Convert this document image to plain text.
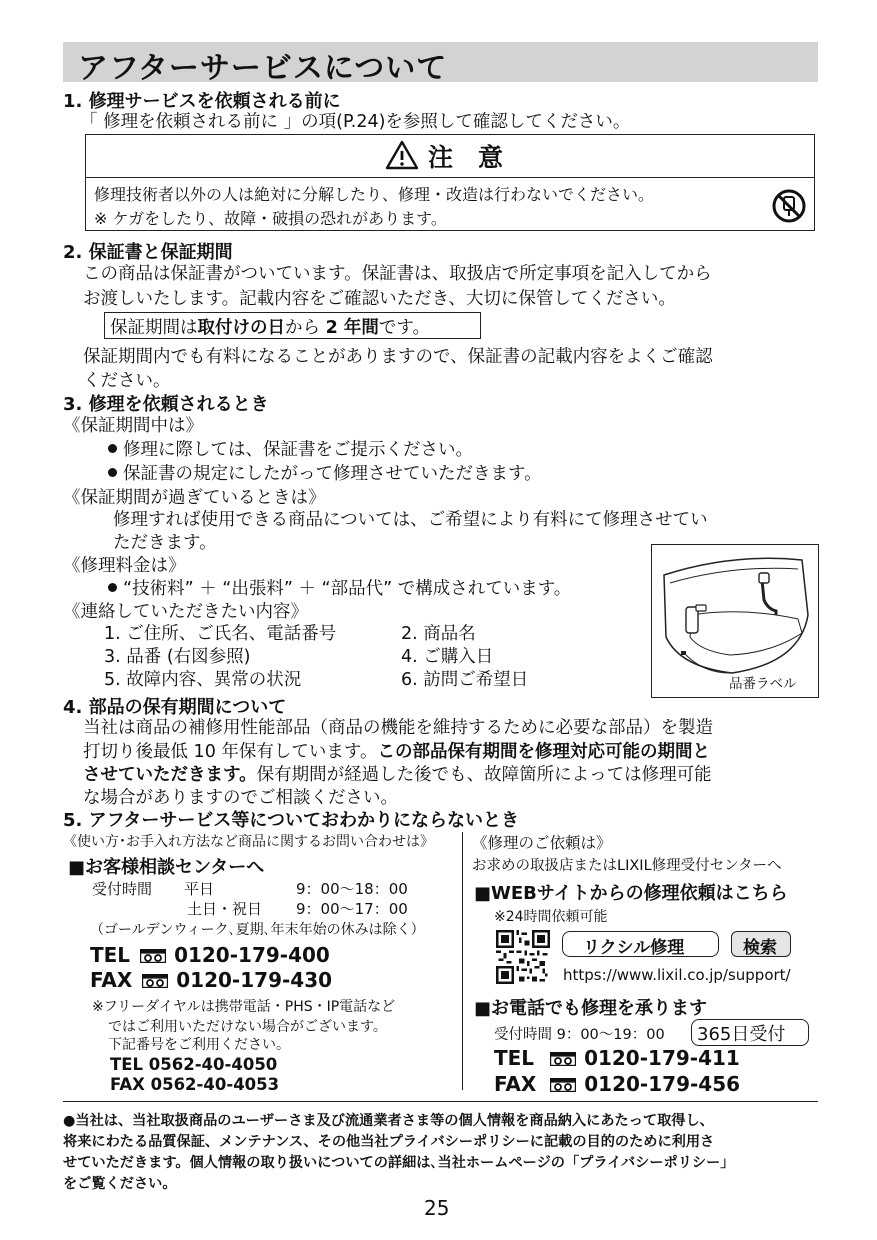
アフターサービスについて
1. 修理サービスを依頼される前に
「 修理を依頼される前に 」の項(P.24)を参照して確認してください。
注　意
修理技術者以外の人は絶対に分解したり、修理・改造は行わないでください。
※ ケガをしたり、故障・破損の恐れがあります。
2. 保証書と保証期間
この商品は保証書がついています。保証書は、取扱店で所定事項を記入してから
お渡しいたします。記載内容をご確認いただき、大切に保管してください。
保証期間は取付けの日から 2 年間です。
保証期間内でも有料になることがありますので、保証書の記載内容をよくご確認
ください。
3. 修理を依頼されるとき
《保証期間中は》
修理に際しては、保証書をご提示ください。
保証書の規定にしたがって修理させていただきます。
《保証期間が過ぎているときは》
修理すれば使用できる商品については、ご希望により有料にて修理させてい
ただきます。
《修理料金は》
“技術料” ＋ “出張料” ＋ “部品代” で構成されています。
《連絡していただきたい内容》
1. ご住所、ご氏名、電話番号	2. 商品名
3. 品番 (右図参照)	4. ご購入日
5. 故障内容、異常の状況	6. 訪問ご希望日	品番ラベル
4. 部品の保有期間について
当社は商品の補修用性能部品（商品の機能を維持するために必要な部品）を製造
打切り後最低 10 年保有しています。この部品保有期間を修理対応可能の期間と
させていただきます。保有期間が経過した後でも、故障箇所によっては修理可能
な場合がありますのでご相談ください。
5. アフターサービス等についておわかりにならないとき
《使い方･お手入れ方法など商品に関するお問い合わせは》
■お客様相談センターへ
受付時間 平日	9：00〜18：00
土日・祝日 9：00〜17：00
（ゴールデンウィーク､夏期､年末年始の休みは除く）
TEL 0120-179-400
FAX 0120-179-430
※フリーダイヤルは携帯電話・PHS・IP電話など
ではご利用いただけない場合がございます。
下記番号をご利用ください。
TEL 0562-40-4050
FAX 0562-40-4053
《修理のご依頼は》
お求めの取扱店またはLIXIL修理受付センターへ
■WEBサイトからの修理依頼はこちら
※24時間依頼可能
リクシル修理	検索
https://www.lixil.co.jp/support/
■お電話でも修理を承ります
受付時間 9：00〜19：00 365日受付
TEL	0120-179-411
FAX 0120-179-456
●当社は、当社取扱商品のユーザーさま及び流通業者さま等の個人情報を商品納入にあたって取得し、
将来にわたる品質保証、メンテナンス、その他当社プライバシーポリシーに記載の目的のために利用さ
せていただきます。個人情報の取り扱いについての詳細は､当社ホームページの「プライバシーポリシー」
をご覧ください。
25
